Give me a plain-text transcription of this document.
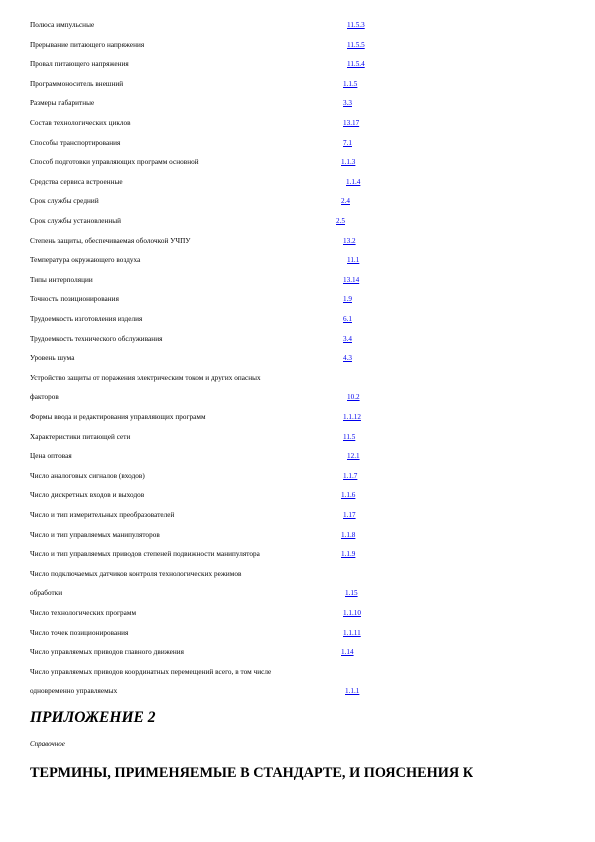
Полюса импульсные	11.5.3
Прерывание питающего напряжения	11.5.5
Провал питающего напряжения	11.5.4
Программоноситель внешний	1.1.5
Размеры габаритные	3.3
Состав технологических циклов	13.17
Способы транспортирования	7.1
Способ подготовки управляющих программ основной	1.1.3
Средства сервиса встроенные	1.1.4
Срок службы средний	2.4
Срок службы установленный	2.5
Степень защиты, обеспечиваемая оболочкой УЧПУ	13.2
Температура окружающего воздуха	11.1
Типы интерполяции	13.14
Точность позиционирования	1.9
Трудоемкость изготовления изделия	6.1
Трудоемкость технического обслуживания	3.4
Уровень шума	4.3
Устройство защиты от поражения электрическим током и других опасных
факторов	10.2
Формы ввода и редактирования управляющих программ	1.1.12
Характеристики питающей сети	11.5
Цена оптовая	12.1
Число аналоговых сигналов (входов)	1.1.7
Число дискретных входов и выходов	1.1.6
Число и тип измерительных преобразователей	1.17
Число и тип управляемых манипуляторов	1.1.8
Число и тип управляемых приводов степеней подвижности манипулятора	1.1.9
Число подключаемых датчиков контроля технологических режимов
обработки	1.15
Число технологических программ	1.1.10
Число точек позиционирования	1.1.11
Число управляемых приводов главного движения	1.14
Число управляемых приводов координатных перемещений всего, в том числе
одновременно управляемых	1.1.1
ПРИЛОЖЕНИЕ 2
Справочное
ТЕРМИНЫ, ПРИМЕНЯЕМЫЕ В СТАНДАРТЕ, И ПОЯСНЕНИЯ К
